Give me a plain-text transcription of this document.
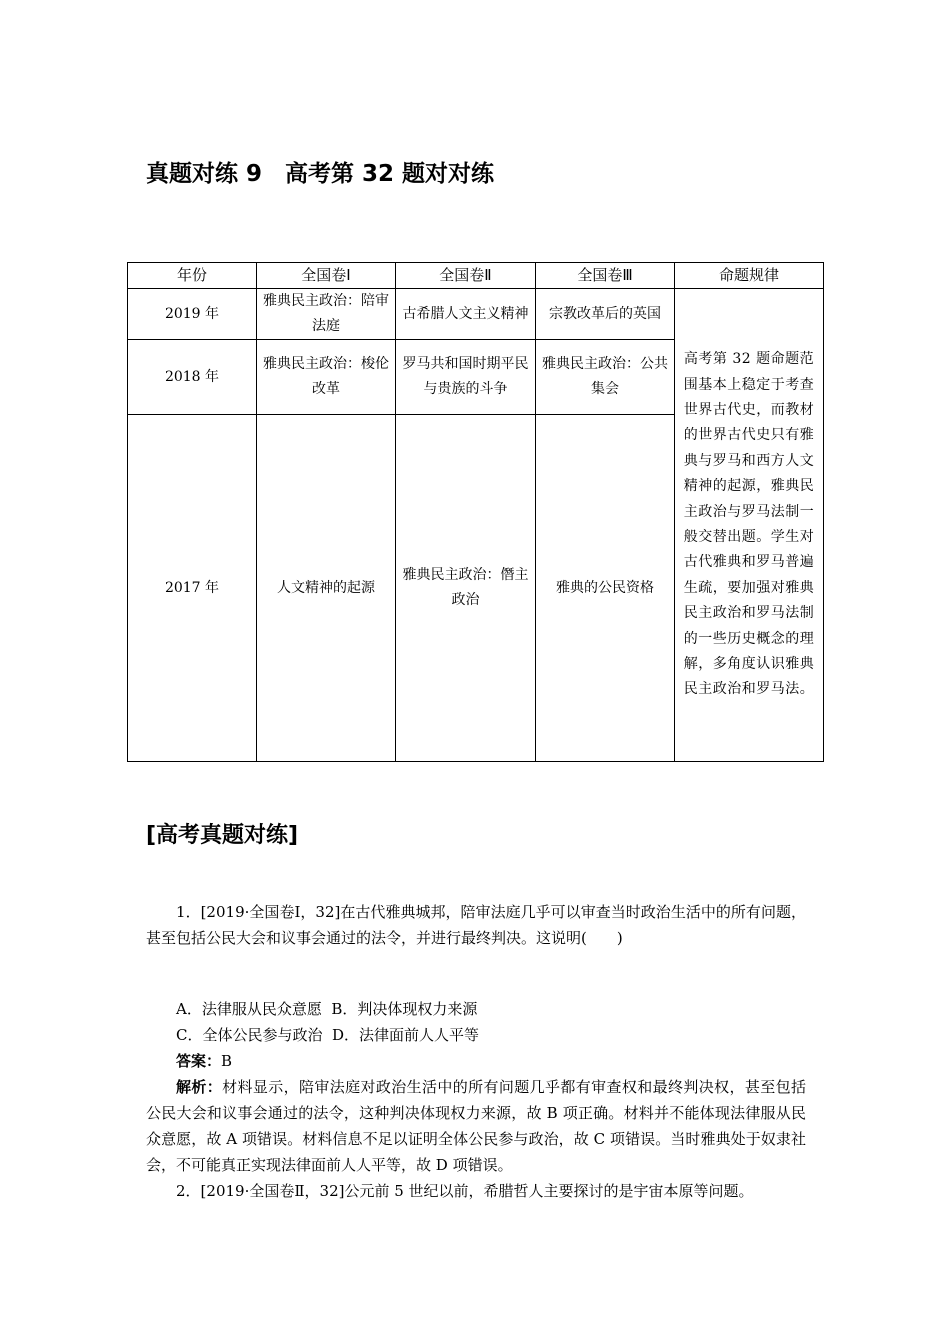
真题对练 9　高考第 32 题对对练
年份	全国卷Ⅰ	全国卷Ⅱ	全国卷Ⅲ	命题规律
2019 年	雅典民主政治：陪审法庭	古希腊人文主义精神	宗教改革后的英国	高考第 32 题命题范围基本上稳定于考查世界古代史，而教材的世界古代史只有雅典与罗马和西方人文精神的起源，雅典民主政治与罗马法制一般交替出题。学生对古代雅典和罗马普遍生疏，要加强对雅典民主政治和罗马法制的一些历史概念的理解，多角度认识雅典民主政治和罗马法。
2018 年	雅典民主政治：梭伦改革	罗马共和国时期平民与贵族的斗争	雅典民主政治：公共集会	
2017 年	人文精神的起源	雅典民主政治：僭主政治	雅典的公民资格	
[高考真题对练]
1．[2019·全国卷Ⅰ，32]在古代雅典城邦，陪审法庭几乎可以审查当时政治生活中的所有问题，甚至包括公民大会和议事会通过的法令，并进行最终判决。这说明(　　)
A．法律服从民众意愿  B．判决体现权力来源
C．全体公民参与政治  D．法律面前人人平等
答案：B
解析：材料显示，陪审法庭对政治生活中的所有问题几乎都有审查权和最终判决权，甚至包括公民大会和议事会通过的法令，这种判决体现权力来源，故 B 项正确。材料并不能体现法律服从民众意愿，故 A 项错误。材料信息不足以证明全体公民参与政治，故 C 项错误。当时雅典处于奴隶社会，不可能真正实现法律面前人人平等，故 D 项错误。
2．[2019·全国卷Ⅱ，32]公元前 5 世纪以前，希腊哲人主要探讨的是宇宙本原等问题。
